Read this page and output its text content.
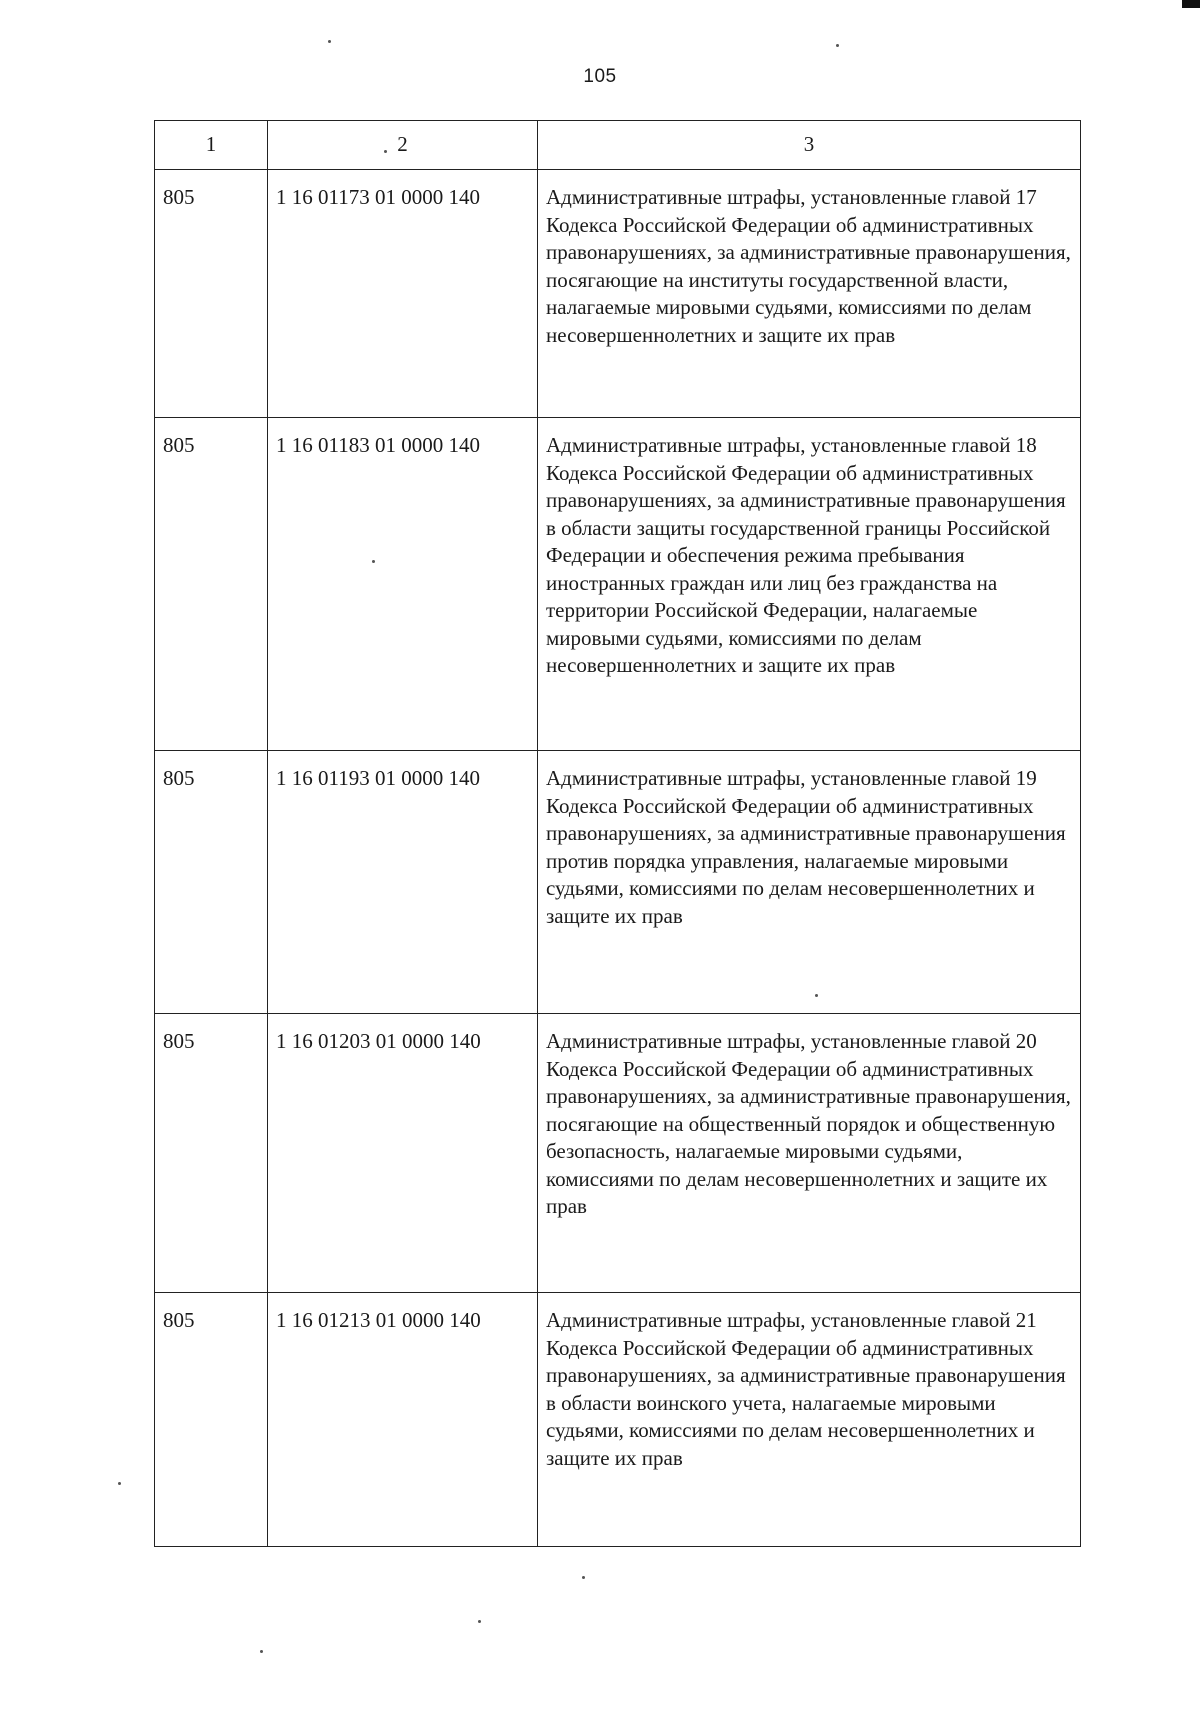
105
1	2	3
805	1 16 01173 01 0000 140	Административные штрафы, установленные главой 17 Кодекса Российской Федерации об административных правонарушениях, за административные правонарушения, посягающие на институты государственной власти, налагаемые мировыми судьями, комиссиями по делам несовершеннолетних и защите их прав
805	1 16 01183 01 0000 140	Административные штрафы, установленные главой 18 Кодекса Российской Федерации об административных правонарушениях, за административные правонарушения в области защиты государственной границы Российской Федерации и обеспечения режима пребывания иностранных граждан или лиц без гражданства на территории Российской Федерации, налагаемые мировыми судьями, комиссиями по делам несовершеннолетних и защите их прав
805	1 16 01193 01 0000 140	Административные штрафы, установленные главой 19 Кодекса Российской Федерации об административных правонарушениях, за административные правонарушения против порядка управления, налагаемые мировыми судьями, комиссиями по делам несовершеннолетних и защите их прав
805	1 16 01203 01 0000 140	Административные штрафы, установленные главой 20 Кодекса Российской Федерации об административных правонарушениях, за административные правонарушения, посягающие на общественный порядок и общественную безопасность, налагаемые мировыми судьями, комиссиями по делам несовершеннолетних и защите их прав
805	1 16 01213 01 0000 140	Административные штрафы, установленные главой 21 Кодекса Российской Федерации об административных правонарушениях, за административные правонарушения в области воинского учета, налагаемые мировыми судьями, комиссиями по делам несовершеннолетних и защите их прав
